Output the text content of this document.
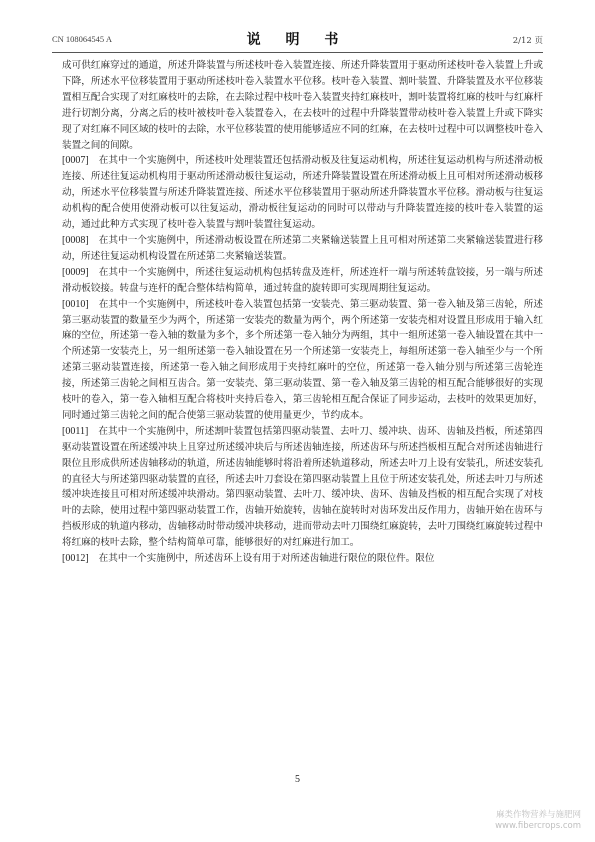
CN 108064545 A	说 明 书	2/12 页

成可供红麻穿过的通道，所述升降装置与所述枝叶卷入装置连接、所述升降装置用于驱动所述枝叶卷入装置上升或下降，所述水平位移装置用于驱动所述枝叶卷入装置水平位移。枝叶卷入装置、割叶装置、升降装置及水平位移装置相互配合实现了对红麻枝叶的去除，在去除过程中枝叶卷入装置夹持红麻枝叶，割叶装置将红麻的枝叶与红麻杆进行切割分离，分离之后的枝叶被枝叶卷入装置卷入，在去枝叶的过程中升降装置带动枝叶卷入装置上升或下降实现了对红麻不同区域的枝叶的去除，水平位移装置的使用能够适应不同的红麻，在去枝叶过程中可以调整枝叶卷入装置之间的间隙。

[0007] 在其中一个实施例中，所述枝叶处理装置还包括滑动板及往复运动机构，所述往复运动机构与所述滑动板连接、所述往复运动机构用于驱动所述滑动板往复运动，所述升降装置设置在所述滑动板上且可相对所述滑动板移动，所述水平位移装置与所述升降装置连接、所述水平位移装置用于驱动所述升降装置水平位移。滑动板与往复运动机构的配合使用使滑动板可以往复运动，滑动板往复运动的同时可以带动与升降装置连接的枝叶卷入装置的运动，通过此种方式实现了枝叶卷入装置与割叶装置往复运动。

[0008] 在其中一个实施例中，所述滑动板设置在所述第二夹紧输送装置上且可相对所述第二夹紧输送装置进行移动，所述往复运动机构设置在所述第二夹紧输送装置。

[0009] 在其中一个实施例中，所述往复运动机构包括转盘及连杆，所述连杆一端与所述转盘铰接，另一端与所述滑动板铰接。转盘与连杆的配合整体结构简单，通过转盘的旋转即可实现周期往复运动。

[0010] 在其中一个实施例中，所述枝叶卷入装置包括第一安装壳、第三驱动装置、第一卷入轴及第三齿轮，所述第三驱动装置的数量至少为两个，所述第一安装壳的数量为两个，两个所述第一安装壳相对设置且形成用于输入红麻的空位，所述第一卷入轴的数量为多个，多个所述第一卷入轴分为两组，其中一组所述第一卷入轴设置在其中一个所述第一安装壳上，另一组所述第一卷入轴设置在另一个所述第一安装壳上，每组所述第一卷入轴至少与一个所述第三驱动装置连接，所述第一卷入轴之间形成用于夹持红麻叶的空位，所述第一卷入轴分别与所述第三齿轮连接，所述第三齿轮之间相互齿合。第一安装壳、第三驱动装置、第一卷入轴及第三齿轮的相互配合能够很好的实现枝叶的卷入，第一卷入轴相互配合将枝叶夹持后卷入，第三齿轮相互配合保证了同步运动，去枝叶的效果更加好，同时通过第三齿轮之间的配合使第三驱动装置的使用量更少，节约成本。

[0011] 在其中一个实施例中，所述割叶装置包括第四驱动装置、去叶刀、缓冲块、齿环、齿轴及挡板，所述第四驱动装置设置在所述缓冲块上且穿过所述缓冲块后与所述齿轴连接，所述齿环与所述挡板相互配合对所述齿轴进行限位且形成供所述齿轴移动的轨道，所述齿轴能够时将沿着所述轨道移动，所述去叶刀上设有安装孔，所述安装孔的直径大与所述第四驱动装置的直径，所述去叶刀套设在第四驱动装置上且位于所述安装孔处，所述去叶刀与所述缓冲块连接且可相对所述缓冲块滑动。第四驱动装置、去叶刀、缓冲块、齿环、齿轴及挡板的相互配合实现了对枝叶的去除，使用过程中第四驱动装置工作，齿轴开始旋转，齿轴在旋转时对齿环发出反作用力，齿轴开始在齿环与挡板形成的轨道内移动，齿轴移动时带动缓冲块移动，进而带动去叶刀围绕红麻旋转，去叶刀围绕红麻旋转过程中将红麻的枝叶去除，整个结构简单可靠，能够很好的对红麻进行加工。

[0012] 在其中一个实施例中，所述齿环上设有用于对所述齿轴进行限位的限位件。限位

5
麻类作物营养与施肥网
www.fibercrops.com
